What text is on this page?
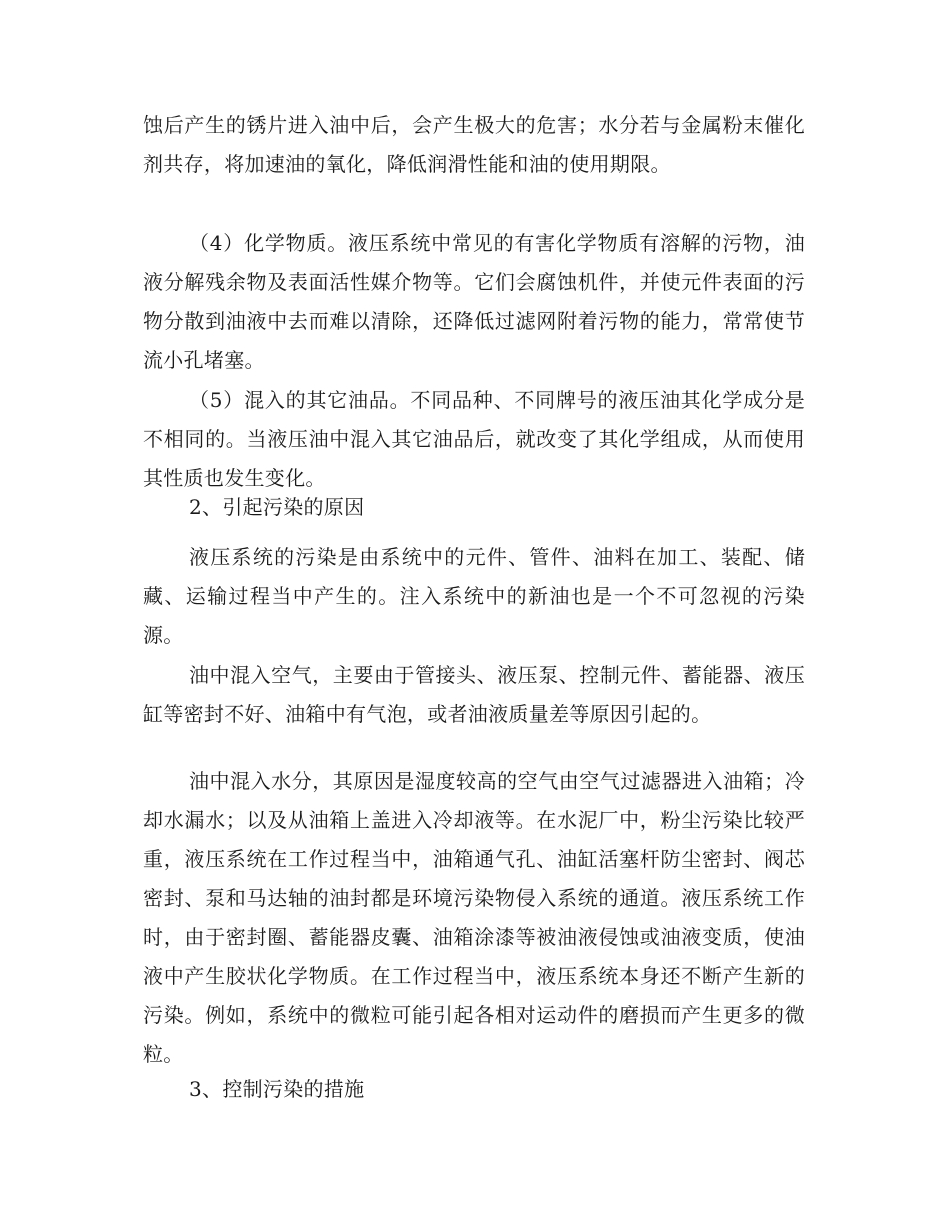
蚀后产生的锈片进入油中后，会产生极大的危害；水分若与金属粉末催化剂共存，将加速油的氧化，降低润滑性能和油的使用期限。

（4）化学物质。液压系统中常见的有害化学物质有溶解的污物，油液分解残余物及表面活性媒介物等。它们会腐蚀机件，并使元件表面的污物分散到油液中去而难以清除，还降低过滤网附着污物的能力，常常使节流小孔堵塞。

（5）混入的其它油品。不同品种、不同牌号的液压油其化学成分是不相同的。当液压油中混入其它油品后，就改变了其化学组成，从而使用其性质也发生变化。

2、引起污染的原因

液压系统的污染是由系统中的元件、管件、油料在加工、装配、储藏、运输过程当中产生的。注入系统中的新油也是一个不可忽视的污染源。

油中混入空气，主要由于管接头、液压泵、控制元件、蓄能器、液压缸等密封不好、油箱中有气泡，或者油液质量差等原因引起的。

油中混入水分，其原因是湿度较高的空气由空气过滤器进入油箱；冷却水漏水；以及从油箱上盖进入冷却液等。在水泥厂中，粉尘污染比较严重，液压系统在工作过程当中，油箱通气孔、油缸活塞杆防尘密封、阀芯密封、泵和马达轴的油封都是环境污染物侵入系统的通道。液压系统工作时，由于密封圈、蓄能器皮囊、油箱涂漆等被油液侵蚀或油液变质，使油液中产生胶状化学物质。在工作过程当中，液压系统本身还不断产生新的污染。例如，系统中的微粒可能引起各相对运动件的磨损而产生更多的微粒。

3、控制污染的措施
